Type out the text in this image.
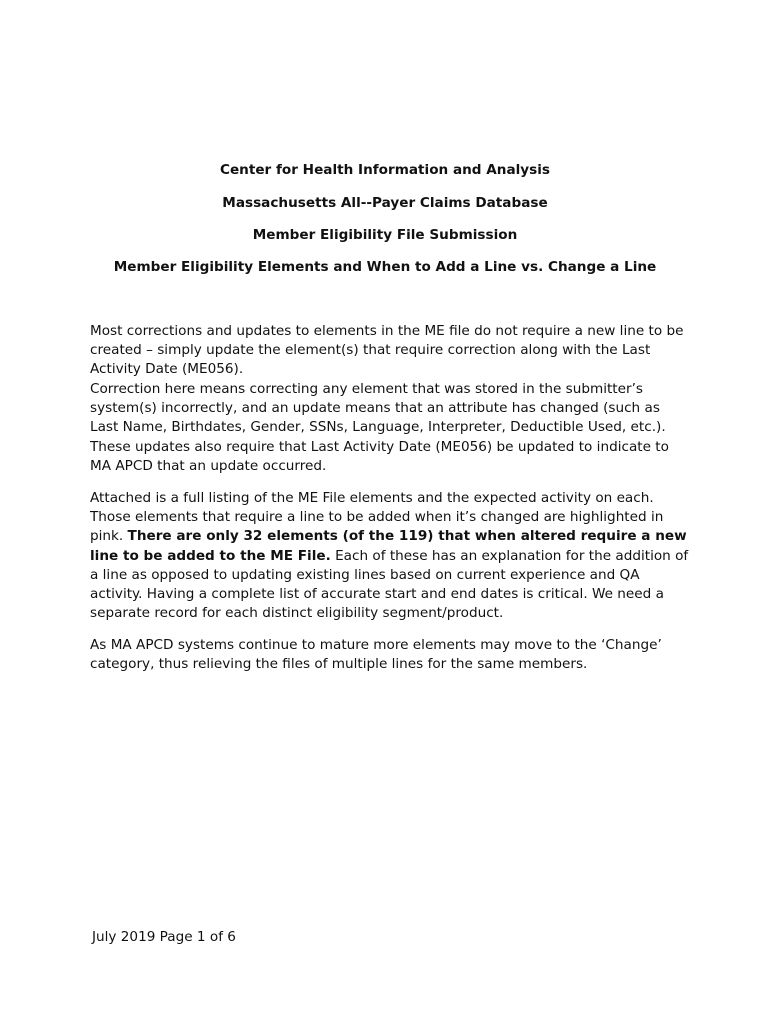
Center for Health Information and Analysis

Massachusetts All--Payer Claims Database

Member Eligibility File Submission

Member Eligibility Elements and When to Add a Line vs. Change a Line

Most corrections and updates to elements in the ME file do not require a new line to be created – simply update the element(s) that require correction along with the Last Activity Date (ME056).

Correction here means correcting any element that was stored in the submitter’s system(s) incorrectly, and an update means that an attribute has changed (such as Last Name, Birthdates, Gender, SSNs, Language, Interpreter, Deductible Used, etc.). These updates also require that Last Activity Date (ME056) be updated to indicate to MA APCD that an update occurred.

Attached is a full listing of the ME File elements and the expected activity on each. Those elements that require a line to be added when it’s changed are highlighted in pink. There are only 32 elements (of the 119) that when altered require a new line to be added to the ME File. Each of these has an explanation for the addition of a line as opposed to updating existing lines based on current experience and QA activity. Having a complete list of accurate start and end dates is critical. We need a separate record for each distinct eligibility segment/product.

As MA APCD systems continue to mature more elements may move to the ‘Change’ category, thus relieving the files of multiple lines for the same members.

July 2019 Page 1 of 6
